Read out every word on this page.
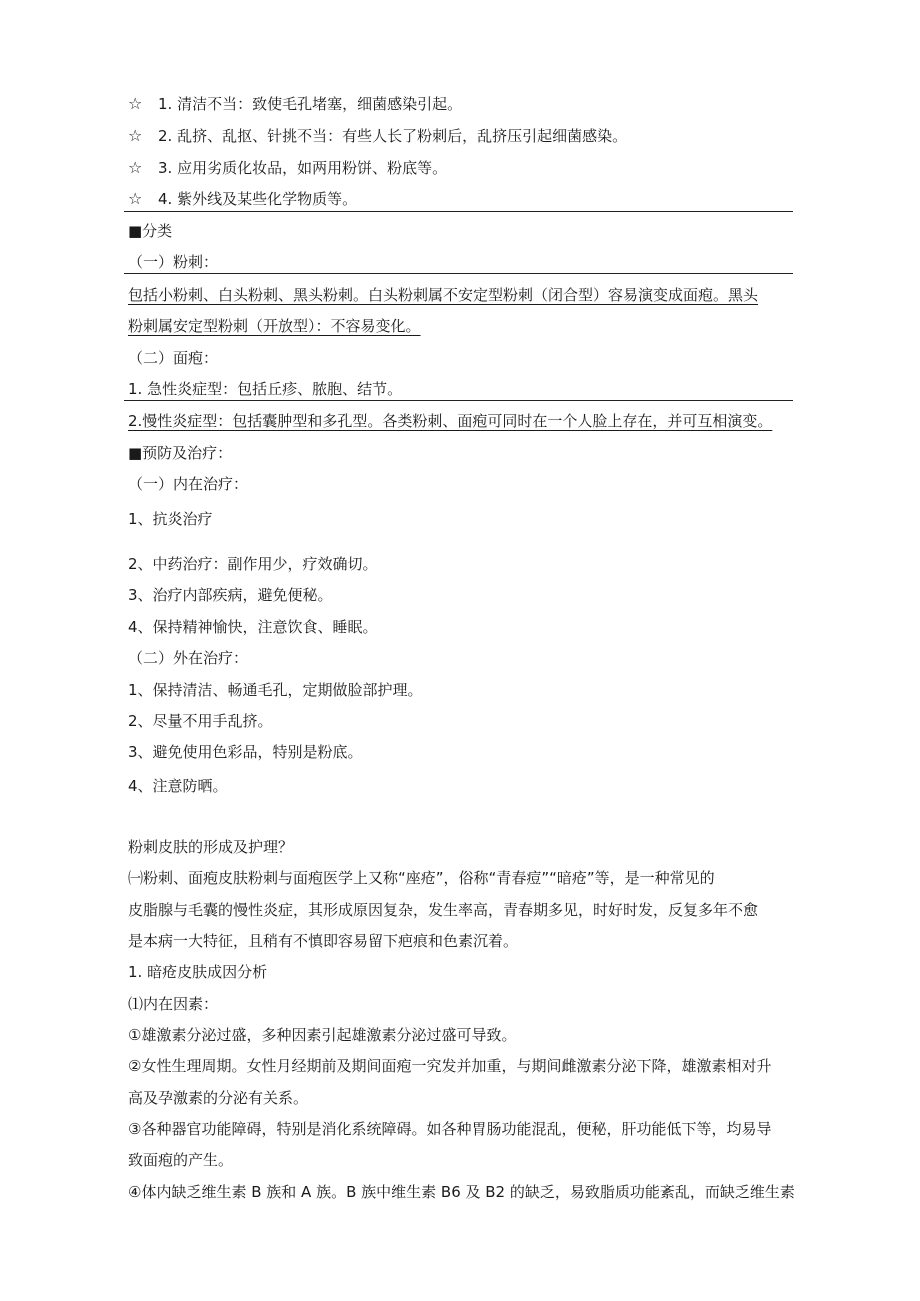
☆ 1. 清洁不当：致使毛孔堵塞，细菌感染引起。
☆ 2. 乱挤、乱抠、针挑不当：有些人长了粉刺后，乱挤压引起细菌感染。
☆ 3. 应用劣质化妆品，如两用粉饼、粉底等。
☆ 4. 紫外线及某些化学物质等。
■分类
（一）粉刺：
包括小粉刺、白头粉刺、黑头粉刺。白头粉刺属不安定型粉刺（闭合型）容易演变成面疱。黑头
粉刺属安定型粉刺（开放型）：不容易变化。
（二）面疱：
1. 急性炎症型：包括丘疹、脓胞、结节。
2.慢性炎症型：包括囊肿型和多孔型。各类粉刺、面疱可同时在一个人脸上存在，并可互相演变。
■预防及治疗：
（一）内在治疗：
1、抗炎治疗
2、中药治疗：副作用少，疗效确切。
3、治疗内部疾病，避免便秘。
4、保持精神愉快，注意饮食、睡眠。
（二）外在治疗：
1、保持清洁、畅通毛孔，定期做脸部护理。
2、尽量不用手乱挤。
3、避免使用色彩品，特别是粉底。
4、注意防晒。
粉刺皮肤的形成及护理？
㈠粉刺、面疱皮肤粉刺与面疱医学上又称“座疮”，俗称“青春痘”“暗疮”等，是一种常见的
皮脂腺与毛囊的慢性炎症，其形成原因复杂，发生率高，青春期多见，时好时发，反复多年不愈
是本病一大特征，且稍有不慎即容易留下疤痕和色素沉着。
1. 暗疮皮肤成因分析
⑴内在因素：
①雄激素分泌过盛，多种因素引起雄激素分泌过盛可导致。
②女性生理周期。女性月经期前及期间面疱一究发并加重，与期间雌激素分泌下降，雄激素相对升
高及孕激素的分泌有关系。
③各种器官功能障碍，特别是消化系统障碍。如各种胃肠功能混乱，便秘，肝功能低下等，均易导
致面疱的产生。
④体内缺乏维生素 B 族和 A 族。B 族中维生素 B6 及 B2 的缺乏，易致脂质功能紊乱，而缺乏维生素
